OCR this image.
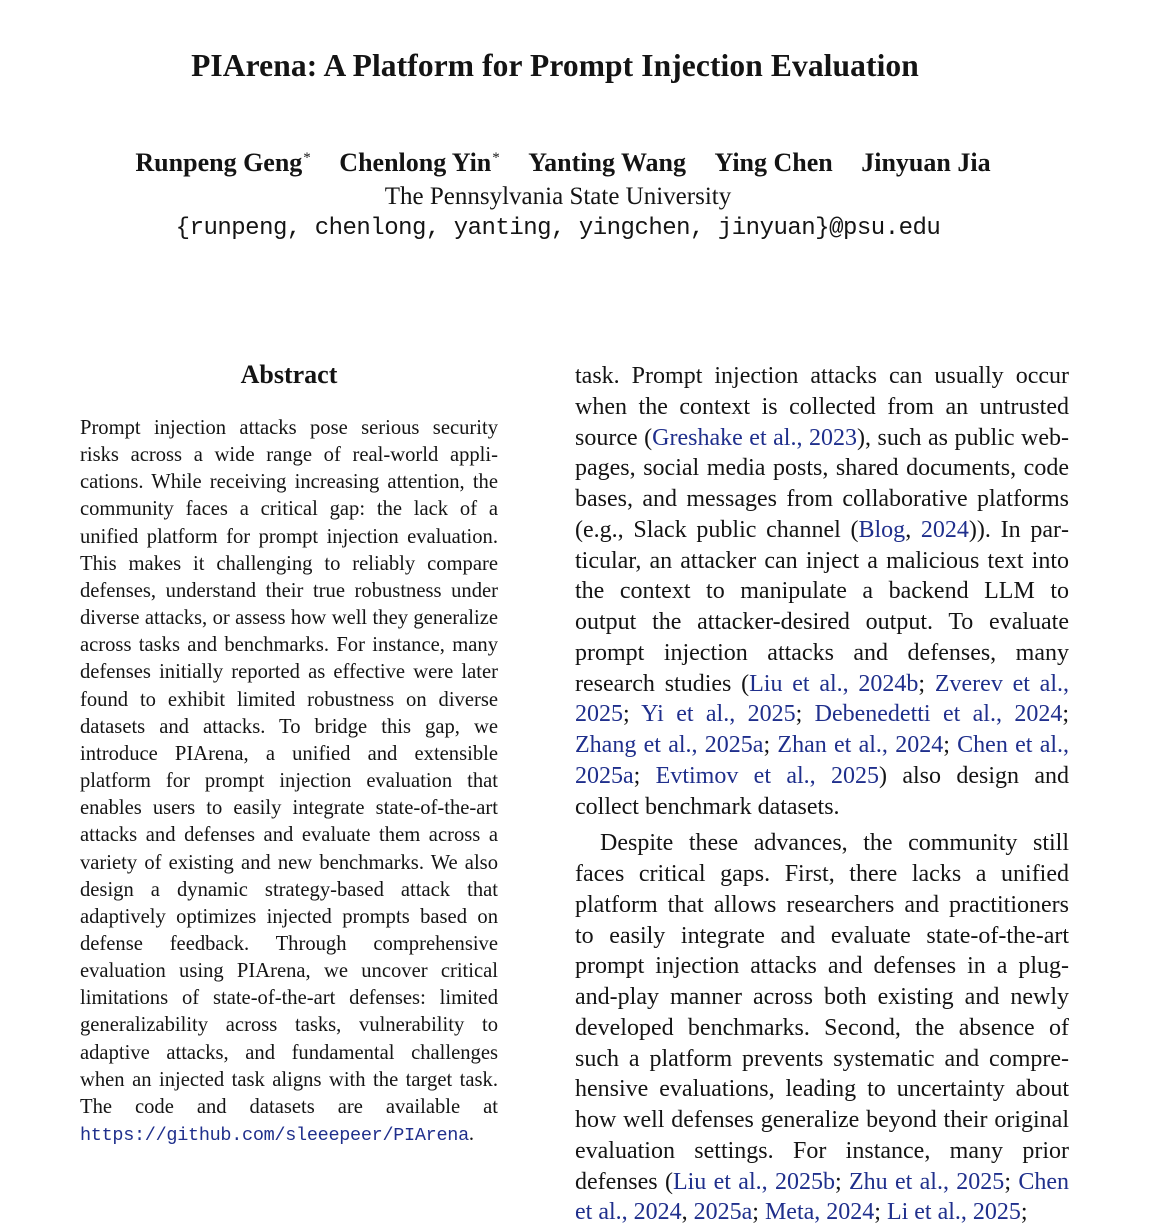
PIArena: A Platform for Prompt Injection Evaluation
Runpeng Geng* Chenlong Yin* Yanting Wang Ying Chen Jinyuan Jia
The Pennsylvania State University
{runpeng, chenlong, yanting, yingchen, jinyuan}@psu.edu
Abstract
Prompt injection attacks pose serious security risks across a wide range of real-world applications. While receiving increasing attention, the community faces a critical gap: the lack of a unified platform for prompt injection evaluation. This makes it challenging to reliably compare defenses, understand their true robustness under diverse attacks, or assess how well they generalize across tasks and benchmarks. For instance, many defenses initially reported as effective were later found to exhibit limited robustness on diverse datasets and attacks. To bridge this gap, we introduce PIArena, a unified and extensible platform for prompt injection evaluation that enables users to easily integrate state-of-the-art attacks and defenses and evaluate them across a variety of existing and new benchmarks. We also design a dynamic strategy-based attack that adaptively optimizes injected prompts based on defense feedback. Through comprehensive evaluation using PIArena, we uncover critical limitations of state-of-the-art defenses: limited generalizability across tasks, vulnerability to adaptive attacks, and fundamental challenges when an injected task aligns with the target task. The code and datasets are available at https://github.com/sleeepeer/PIArena.

task. Prompt injection attacks can usually occur when the context is collected from an untrusted source (Greshake et al., 2023), such as public webpages, social media posts, shared documents, code bases, and messages from collaborative platforms (e.g., Slack public channel (Blog, 2024)). In particular, an attacker can inject a malicious text into the context to manipulate a backend LLM to output the attacker-desired output. To evaluate prompt injection attacks and defenses, many research studies (Liu et al., 2024b; Zverev et al., 2025; Yi et al., 2025; Debenedetti et al., 2024; Zhang et al., 2025a; Zhan et al., 2024; Chen et al., 2025a; Evtimov et al., 2025) also design and collect benchmark datasets.

Despite these advances, the community still faces critical gaps. First, there lacks a unified platform that allows researchers and practitioners to easily integrate and evaluate state-of-the-art prompt injection attacks and defenses in a plug-and-play manner across both existing and newly developed benchmarks. Second, the absence of such a platform prevents systematic and comprehensive evaluations, leading to uncertainty about how well defenses generalize beyond their original evaluation settings. For instance, many prior defenses (Liu et al., 2025b; Zhu et al., 2025; Chen et al., 2024, 2025a; Meta, 2024; Li et al., 2025;
